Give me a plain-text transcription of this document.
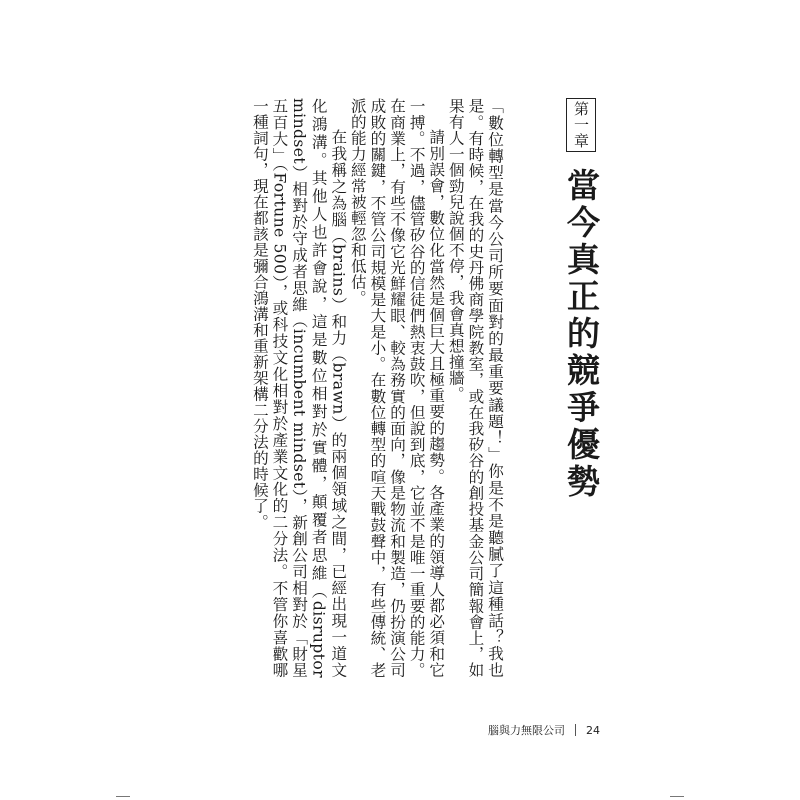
第一章
當今真正的競爭優勢

「數位轉型是當今公司所要面對的最重要議題！」你是不是聽膩了這種話？我也是。有時候，在我的史丹佛商學院教室，或在我矽谷的創投基金公司簡報會上，如果有人一個勁兒說個不停，我會真想撞牆。

請別誤會，數位化當然是個巨大且極重要的趨勢。各產業的領導人都必須和它一搏。不過，儘管矽谷的信徒們熱衷鼓吹，但說到底，它並不是唯一重要的能力。在商業上，有些不像它光鮮耀眼、較為務實的面向，像是物流和製造，仍扮演公司成敗的關鍵，不管公司規模是大是小。在數位轉型的喧天戰鼓聲中，有些傳統、老派的能力經常被輕忽和低估。

在我稱之為腦（brains）和力（brawn）的兩個領域之間，已經出現一道文化鴻溝。其他人也許會說，這是數位相對於實體，顛覆者思維（disruptor mindset）相對於守成者思維（incumbent mindset），新創公司相對於「財星五百大」（Fortune 500），或科技文化相對於產業文化的二分法。不管你喜歡哪一種詞句，現在都該是彌合鴻溝和重新架構二分法的時候了。

腦與力無限公司 24
